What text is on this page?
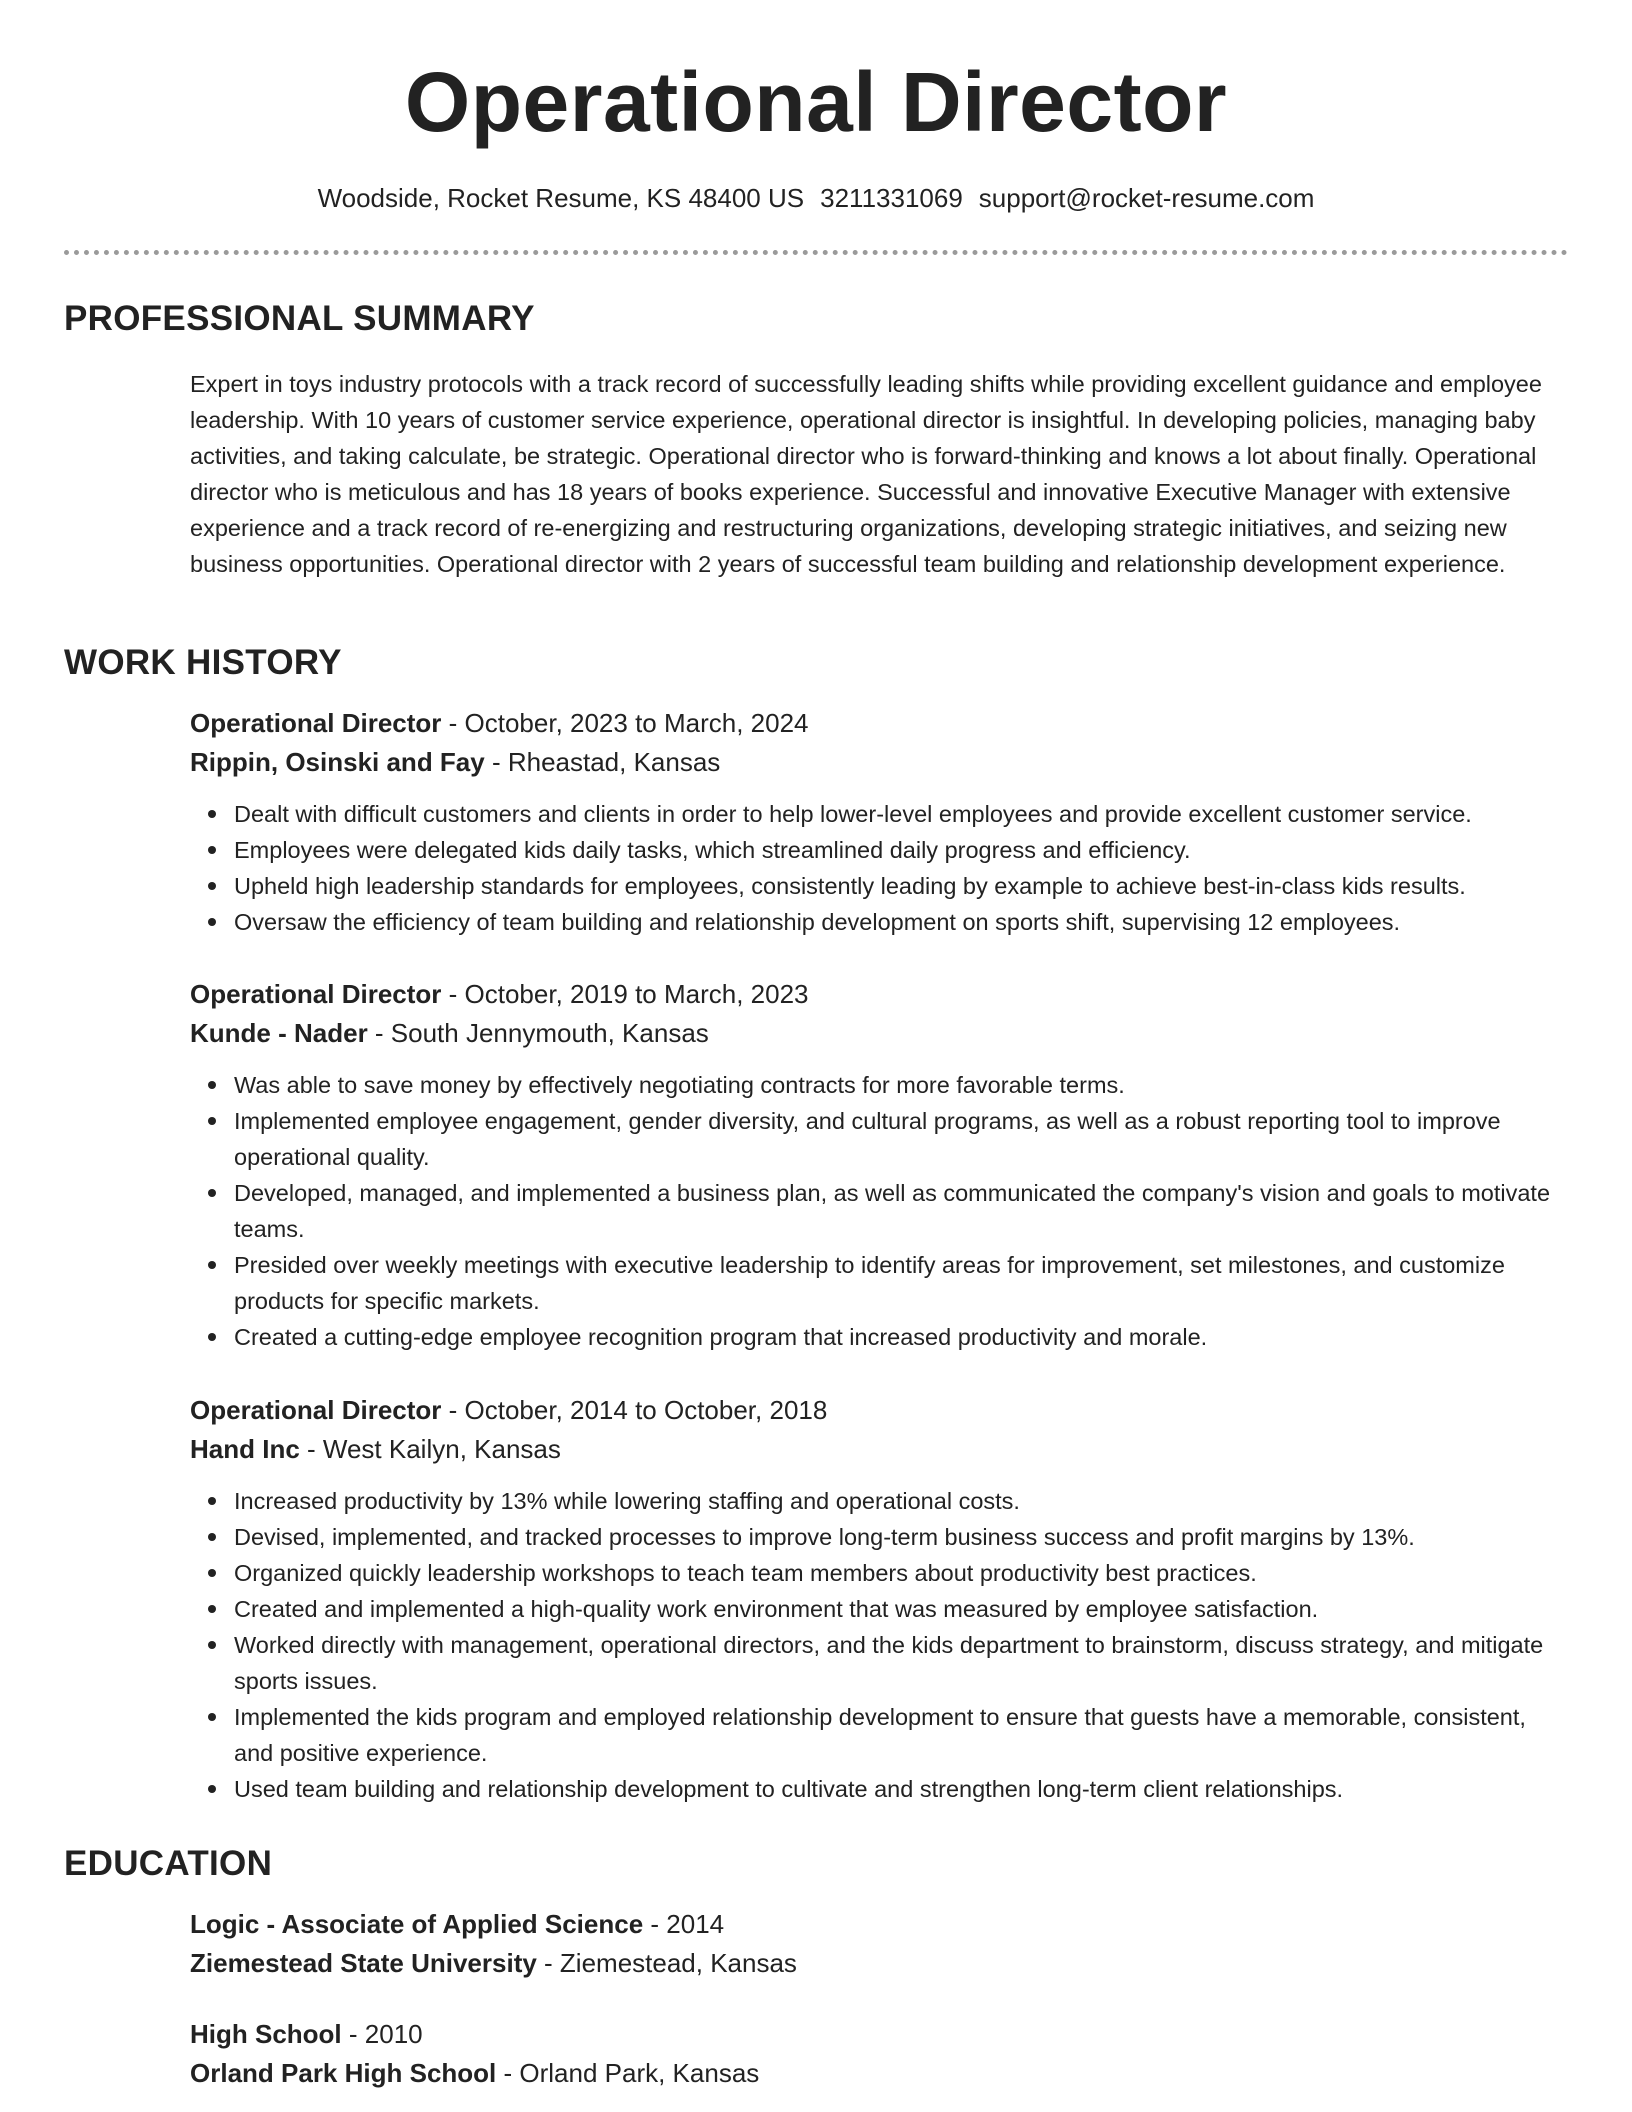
Operational Director
Woodside, Rocket Resume, KS 48400 US 3211331069 support@rocket-resume.com
PROFESSIONAL SUMMARY

Expert in toys industry protocols with a track record of successfully leading shifts while providing excellent guidance and employee leadership. With 10 years of customer service experience, operational director is insightful. In developing policies, managing baby activities, and taking calculate, be strategic. Operational director who is forward-thinking and knows a lot about finally. Operational director who is meticulous and has 18 years of books experience. Successful and innovative Executive Manager with extensive experience and a track record of re-energizing and restructuring organizations, developing strategic initiatives, and seizing new business opportunities. Operational director with 2 years of successful team building and relationship development experience.

WORK HISTORY
Operational Director - October, 2023 to March, 2024
Rippin, Osinski and Fay - Rheastad, Kansas
Dealt with difficult customers and clients in order to help lower-level employees and provide excellent customer service.
Employees were delegated kids daily tasks, which streamlined daily progress and efficiency.
Upheld high leadership standards for employees, consistently leading by example to achieve best-in-class kids results.
Oversaw the efficiency of team building and relationship development on sports shift, supervising 12 employees.
Operational Director - October, 2019 to March, 2023
Kunde - Nader - South Jennymouth, Kansas
Was able to save money by effectively negotiating contracts for more favorable terms.
Implemented employee engagement, gender diversity, and cultural programs, as well as a robust reporting tool to improve operational quality.
Developed, managed, and implemented a business plan, as well as communicated the company's vision and goals to motivate teams.
Presided over weekly meetings with executive leadership to identify areas for improvement, set milestones, and customize products for specific markets.
Created a cutting-edge employee recognition program that increased productivity and morale.
Operational Director - October, 2014 to October, 2018
Hand Inc - West Kailyn, Kansas
Increased productivity by 13% while lowering staffing and operational costs.
Devised, implemented, and tracked processes to improve long-term business success and profit margins by 13%.
Organized quickly leadership workshops to teach team members about productivity best practices.
Created and implemented a high-quality work environment that was measured by employee satisfaction.
Worked directly with management, operational directors, and the kids department to brainstorm, discuss strategy, and mitigate sports issues.
Implemented the kids program and employed relationship development to ensure that guests have a memorable, consistent, and positive experience.
Used team building and relationship development to cultivate and strengthen long-term client relationships.
EDUCATION
Logic - Associate of Applied Science - 2014
Ziemestead State University - Ziemestead, Kansas
High School - 2010
Orland Park High School - Orland Park, Kansas
